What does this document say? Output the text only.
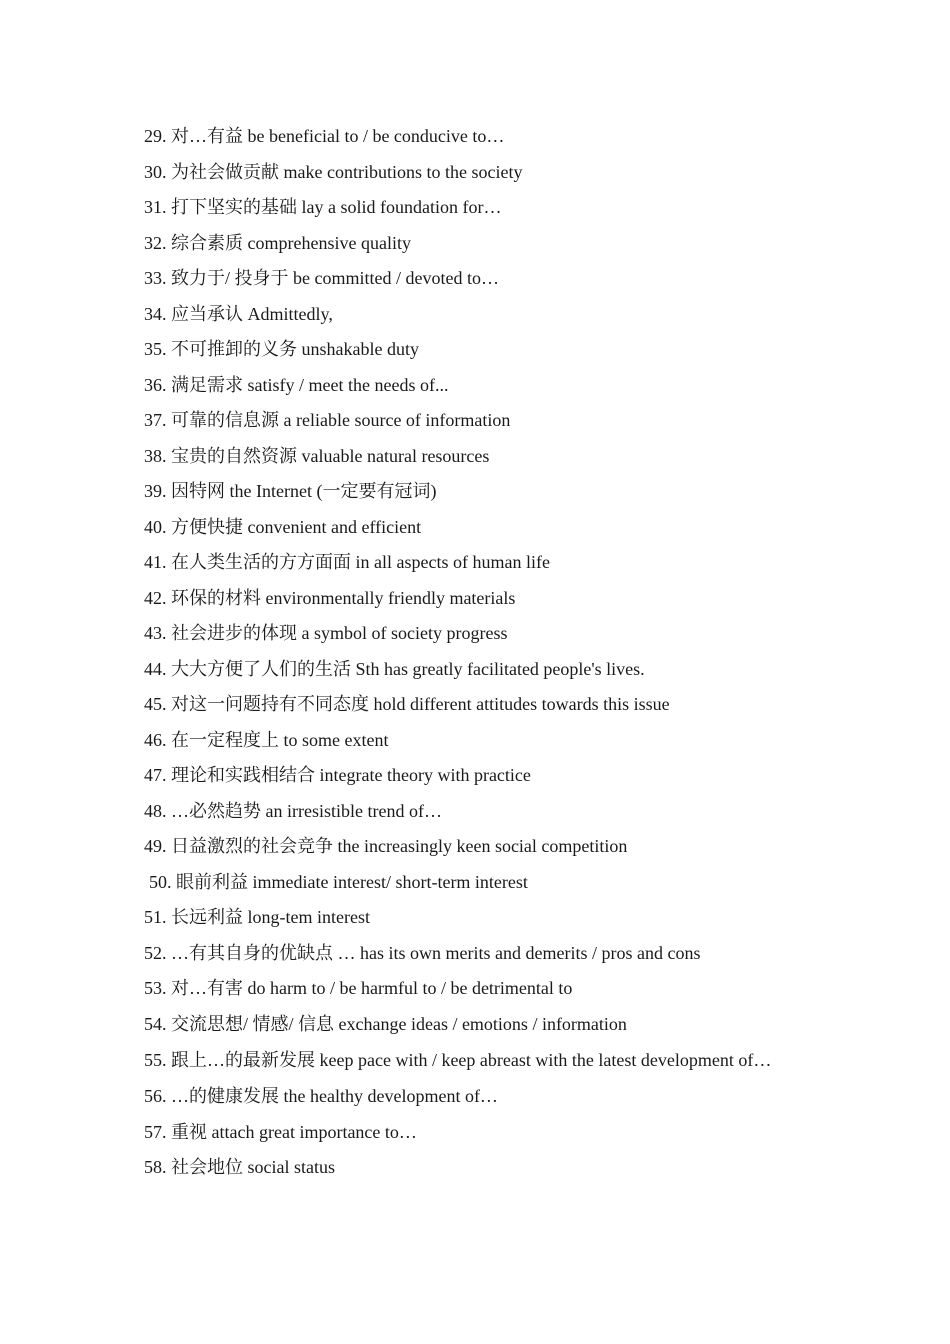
29. 对…有益 be beneficial to / be conducive to…
30. 为社会做贡献 make contributions to the society
31. 打下坚实的基础 lay a solid foundation for…
32. 综合素质 comprehensive quality
33. 致力于/ 投身于 be committed / devoted to…
34. 应当承认 Admittedly,
35. 不可推卸的义务 unshakable duty
36. 满足需求 satisfy / meet the needs of...
37. 可靠的信息源 a reliable source of information
38. 宝贵的自然资源 valuable natural resources
39. 因特网 the Internet (一定要有冠词)
40. 方便快捷 convenient and efficient
41. 在人类生活的方方面面 in all aspects of human life
42. 环保的材料 environmentally friendly materials
43. 社会进步的体现 a symbol of society progress
44. 大大方便了人们的生活 Sth has greatly facilitated people's lives.
45. 对这一问题持有不同态度 hold different attitudes towards this issue
46. 在一定程度上 to some extent
47. 理论和实践相结合 integrate theory with practice
48. …必然趋势 an irresistible trend of…
49. 日益激烈的社会竞争 the increasingly keen social competition
50. 眼前利益 immediate interest/ short-term interest
51. 长远利益 long-tem interest
52. …有其自身的优缺点 … has its own merits and demerits / pros and cons
53. 对…有害 do harm to / be harmful to / be detrimental to
54. 交流思想/ 情感/ 信息 exchange ideas / emotions / information
55. 跟上…的最新发展 keep pace with / keep abreast with the latest development of…
56. …的健康发展 the healthy development of…
57. 重视 attach great importance to…
58. 社会地位 social status
